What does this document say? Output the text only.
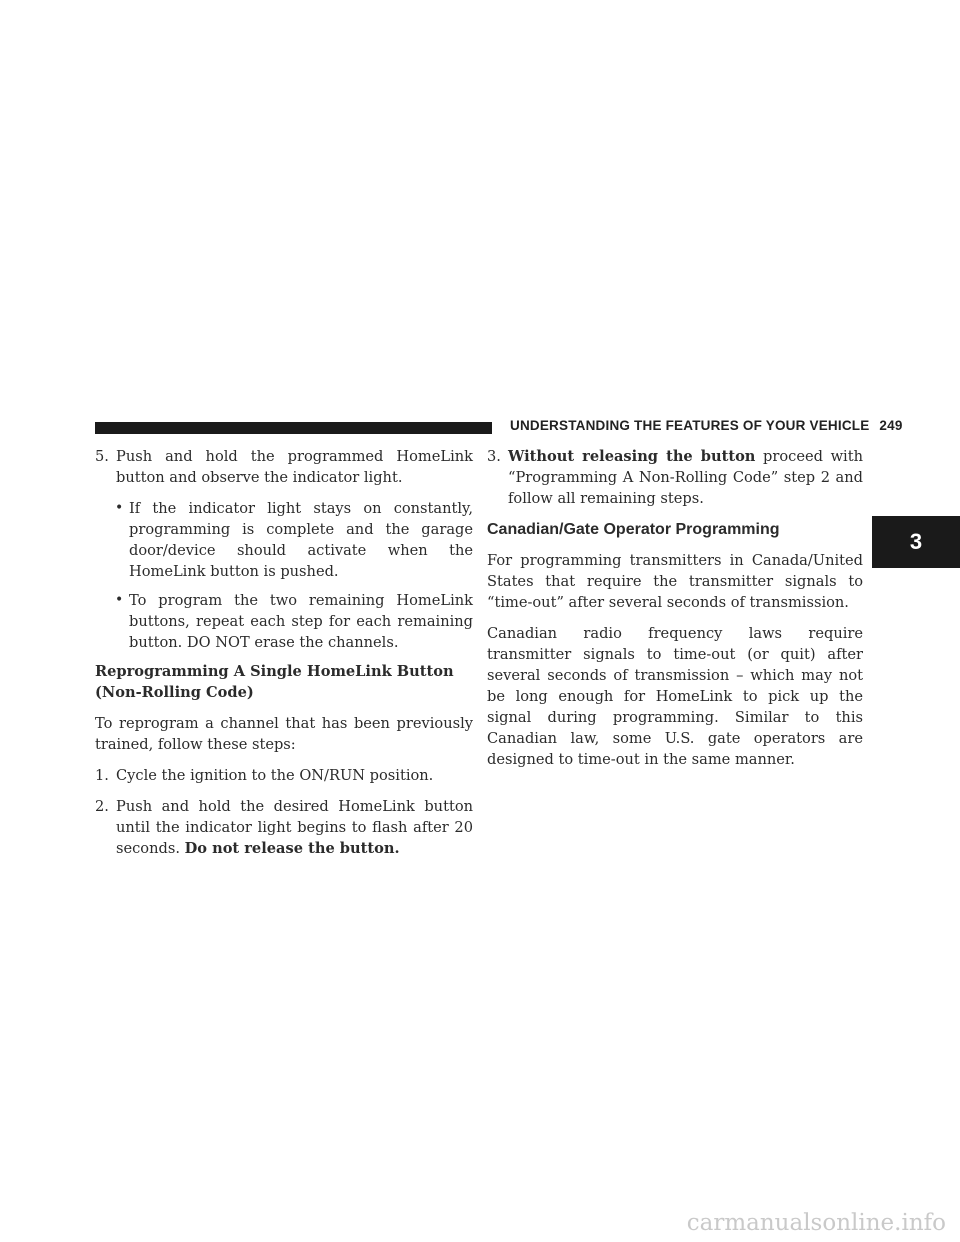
UNDERSTANDING THE FEATURES OF YOUR VEHICLE 249
3
5. Push and hold the programmed HomeLink button and observe the indicator light.
• If the indicator light stays on constantly, programming is complete and the garage door/device should activate when the HomeLink button is pushed.
• To program the two remaining HomeLink buttons, repeat each step for each remaining button. DO NOT erase the channels.
Reprogramming A Single HomeLink Button
(Non-Rolling Code)

To reprogram a channel that has been previously trained, follow these steps:

1. Cycle the ignition to the ON/RUN position.
2. Push and hold the desired HomeLink button until the indicator light begins to flash after 20 seconds. Do not release the button.
3. Without releasing the button proceed with “Programming A Non-Rolling Code” step 2 and follow all remaining steps.
Canadian/Gate Operator Programming

For programming transmitters in Canada/United States that require the transmitter signals to “time-out” after several seconds of transmission.

Canadian radio frequency laws require transmitter signals to time-out (or quit) after several seconds of transmission – which may not be long enough for HomeLink to pick up the signal during programming. Similar to this Canadian law, some U.S. gate operators are designed to time-out in the same manner.

carmanualsonline.info
